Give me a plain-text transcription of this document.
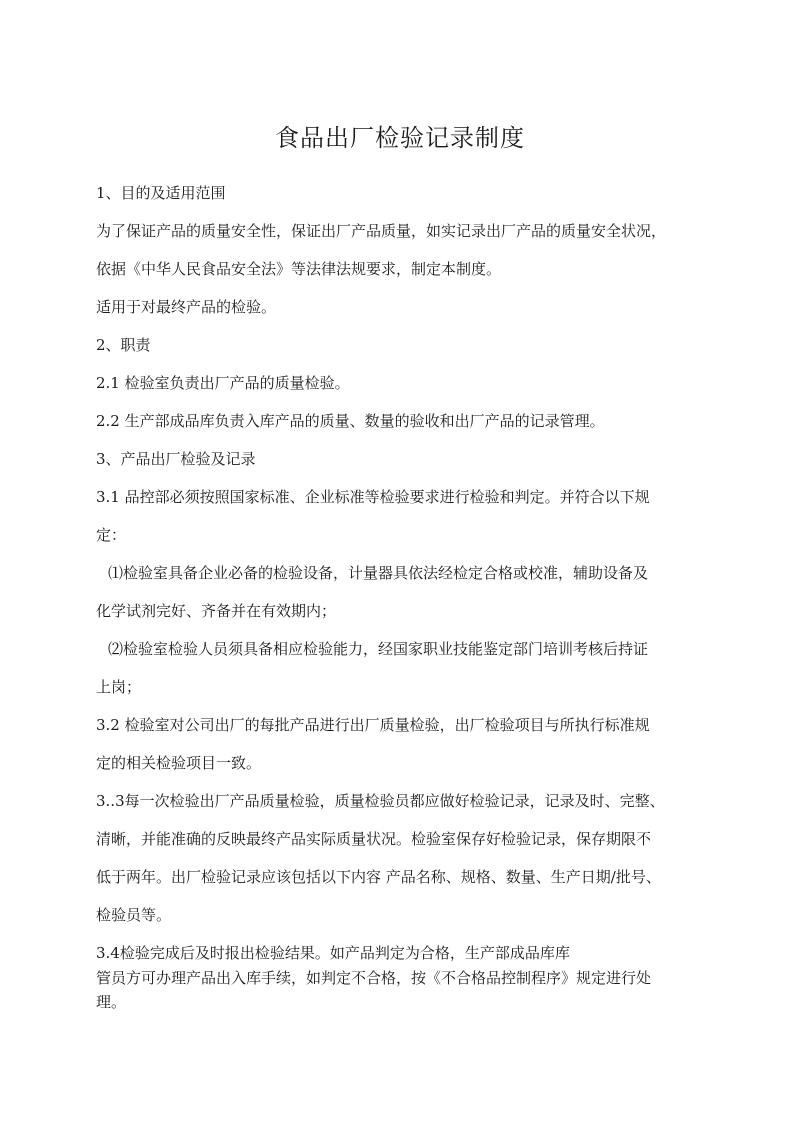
食品出厂检验记录制度
1、目的及适用范围
为了保证产品的质量安全性，保证出厂产品质量，如实记录出厂产品的质量安全状况，
依据《中华人民食品安全法》等法律法规要求，制定本制度。
适用于对最终产品的检验。
2、职责
2.1 检验室负责出厂产品的质量检验。
2.2 生产部成品库负责入库产品的质量、数量的验收和出厂产品的记录管理。
3、产品出厂检验及记录
3.1 品控部必须按照国家标准、企业标准等检验要求进行检验和判定。并符合以下规
定：
⑴检验室具备企业必备的检验设备，计量器具依法经检定合格或校准，辅助设备及
化学试剂完好、齐备并在有效期内；
⑵检验室检验人员须具备相应检验能力，经国家职业技能鉴定部门培训考核后持证
上岗；
3.2 检验室对公司出厂的每批产品进行出厂质量检验，出厂检验项目与所执行标准规
定的相关检验项目一致。
3..3每一次检验出厂产品质量检验，质量检验员都应做好检验记录，记录及时、完整、
清晰，并能准确的反映最终产品实际质量状况。检验室保存好检验记录，保存期限不
低于两年。出厂检验记录应该包括以下内容 产品名称、规格、数量、生产日期/批号、
检验员等。
3.4检验完成后及时报出检验结果。如产品判定为合格，生产部成品库库
管员方可办理产品出入库手续，如判定不合格，按《不合格品控制程序》规定进行处
理。
